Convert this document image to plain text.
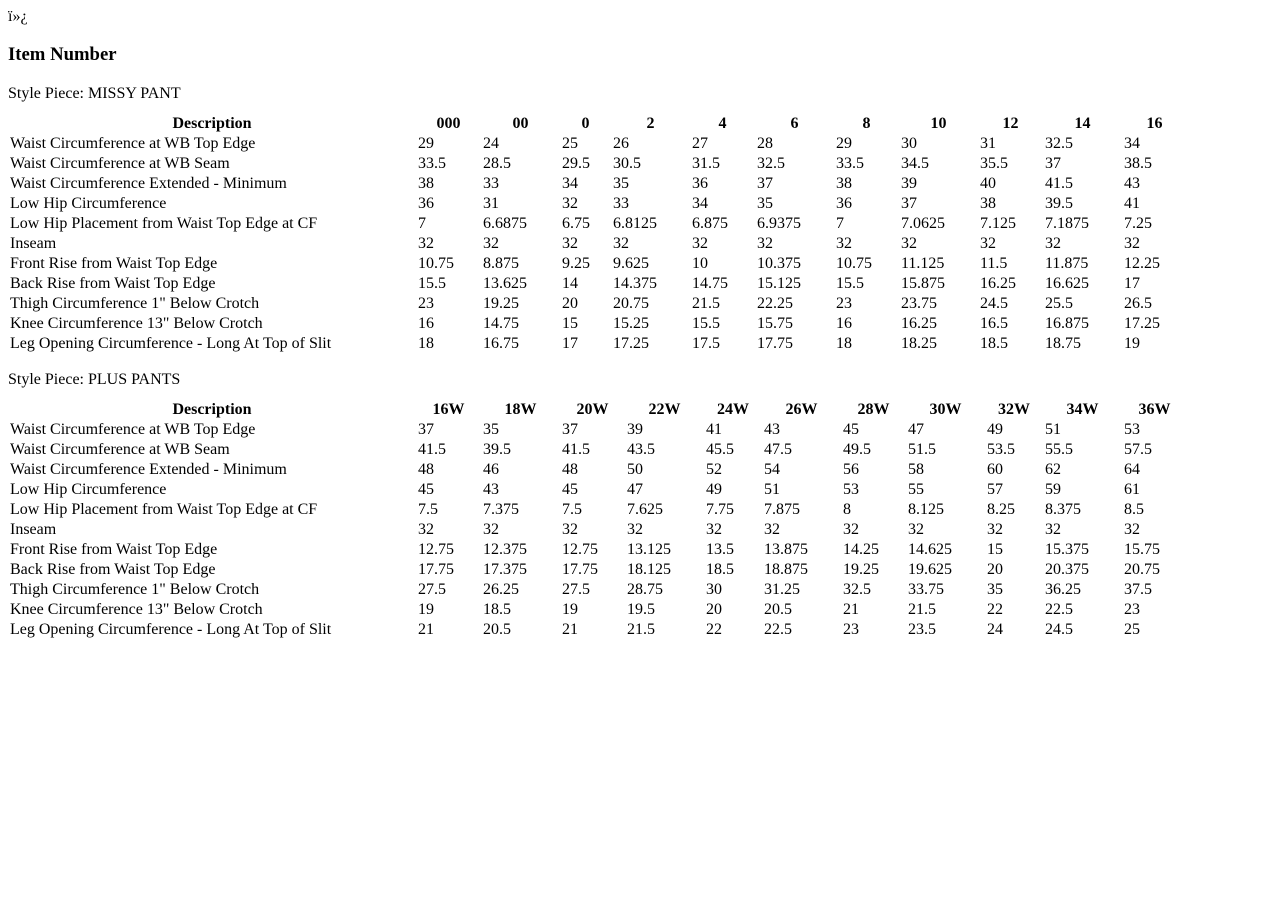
ï»¿

Item Number

Style Piece: MISSY PANT

Description	000	00	0	2	4	6	8	10	12	14	16
Waist Circumference at WB Top Edge	29	24	25	26	27	28	29	30	31	32.5	34
Waist Circumference at WB Seam	33.5	28.5	29.5	30.5	31.5	32.5	33.5	34.5	35.5	37	38.5
Waist Circumference Extended - Minimum	38	33	34	35	36	37	38	39	40	41.5	43
Low Hip Circumference	36	31	32	33	34	35	36	37	38	39.5	41
Low Hip Placement from Waist Top Edge at CF	7	6.6875	6.75	6.8125	6.875	6.9375	7	7.0625	7.125	7.1875	7.25
Inseam	32	32	32	32	32	32	32	32	32	32	32
Front Rise from Waist Top Edge	10.75	8.875	9.25	9.625	10	10.375	10.75	11.125	11.5	11.875	12.25
Back Rise from Waist Top Edge	15.5	13.625	14	14.375	14.75	15.125	15.5	15.875	16.25	16.625	17
Thigh Circumference 1" Below Crotch	23	19.25	20	20.75	21.5	22.25	23	23.75	24.5	25.5	26.5
Knee Circumference 13" Below Crotch	16	14.75	15	15.25	15.5	15.75	16	16.25	16.5	16.875	17.25
Leg Opening Circumference - Long At Top of Slit	18	16.75	17	17.25	17.5	17.75	18	18.25	18.5	18.75	19

Style Piece: PLUS PANTS

Description	16W	18W	20W	22W	24W	26W	28W	30W	32W	34W	36W
Waist Circumference at WB Top Edge	37	35	37	39	41	43	45	47	49	51	53
Waist Circumference at WB Seam	41.5	39.5	41.5	43.5	45.5	47.5	49.5	51.5	53.5	55.5	57.5
Waist Circumference Extended - Minimum	48	46	48	50	52	54	56	58	60	62	64
Low Hip Circumference	45	43	45	47	49	51	53	55	57	59	61
Low Hip Placement from Waist Top Edge at CF	7.5	7.375	7.5	7.625	7.75	7.875	8	8.125	8.25	8.375	8.5
Inseam	32	32	32	32	32	32	32	32	32	32	32
Front Rise from Waist Top Edge	12.75	12.375	12.75	13.125	13.5	13.875	14.25	14.625	15	15.375	15.75
Back Rise from Waist Top Edge	17.75	17.375	17.75	18.125	18.5	18.875	19.25	19.625	20	20.375	20.75
Thigh Circumference 1" Below Crotch	27.5	26.25	27.5	28.75	30	31.25	32.5	33.75	35	36.25	37.5
Knee Circumference 13" Below Crotch	19	18.5	19	19.5	20	20.5	21	21.5	22	22.5	23
Leg Opening Circumference - Long At Top of Slit	21	20.5	21	21.5	22	22.5	23	23.5	24	24.5	25
